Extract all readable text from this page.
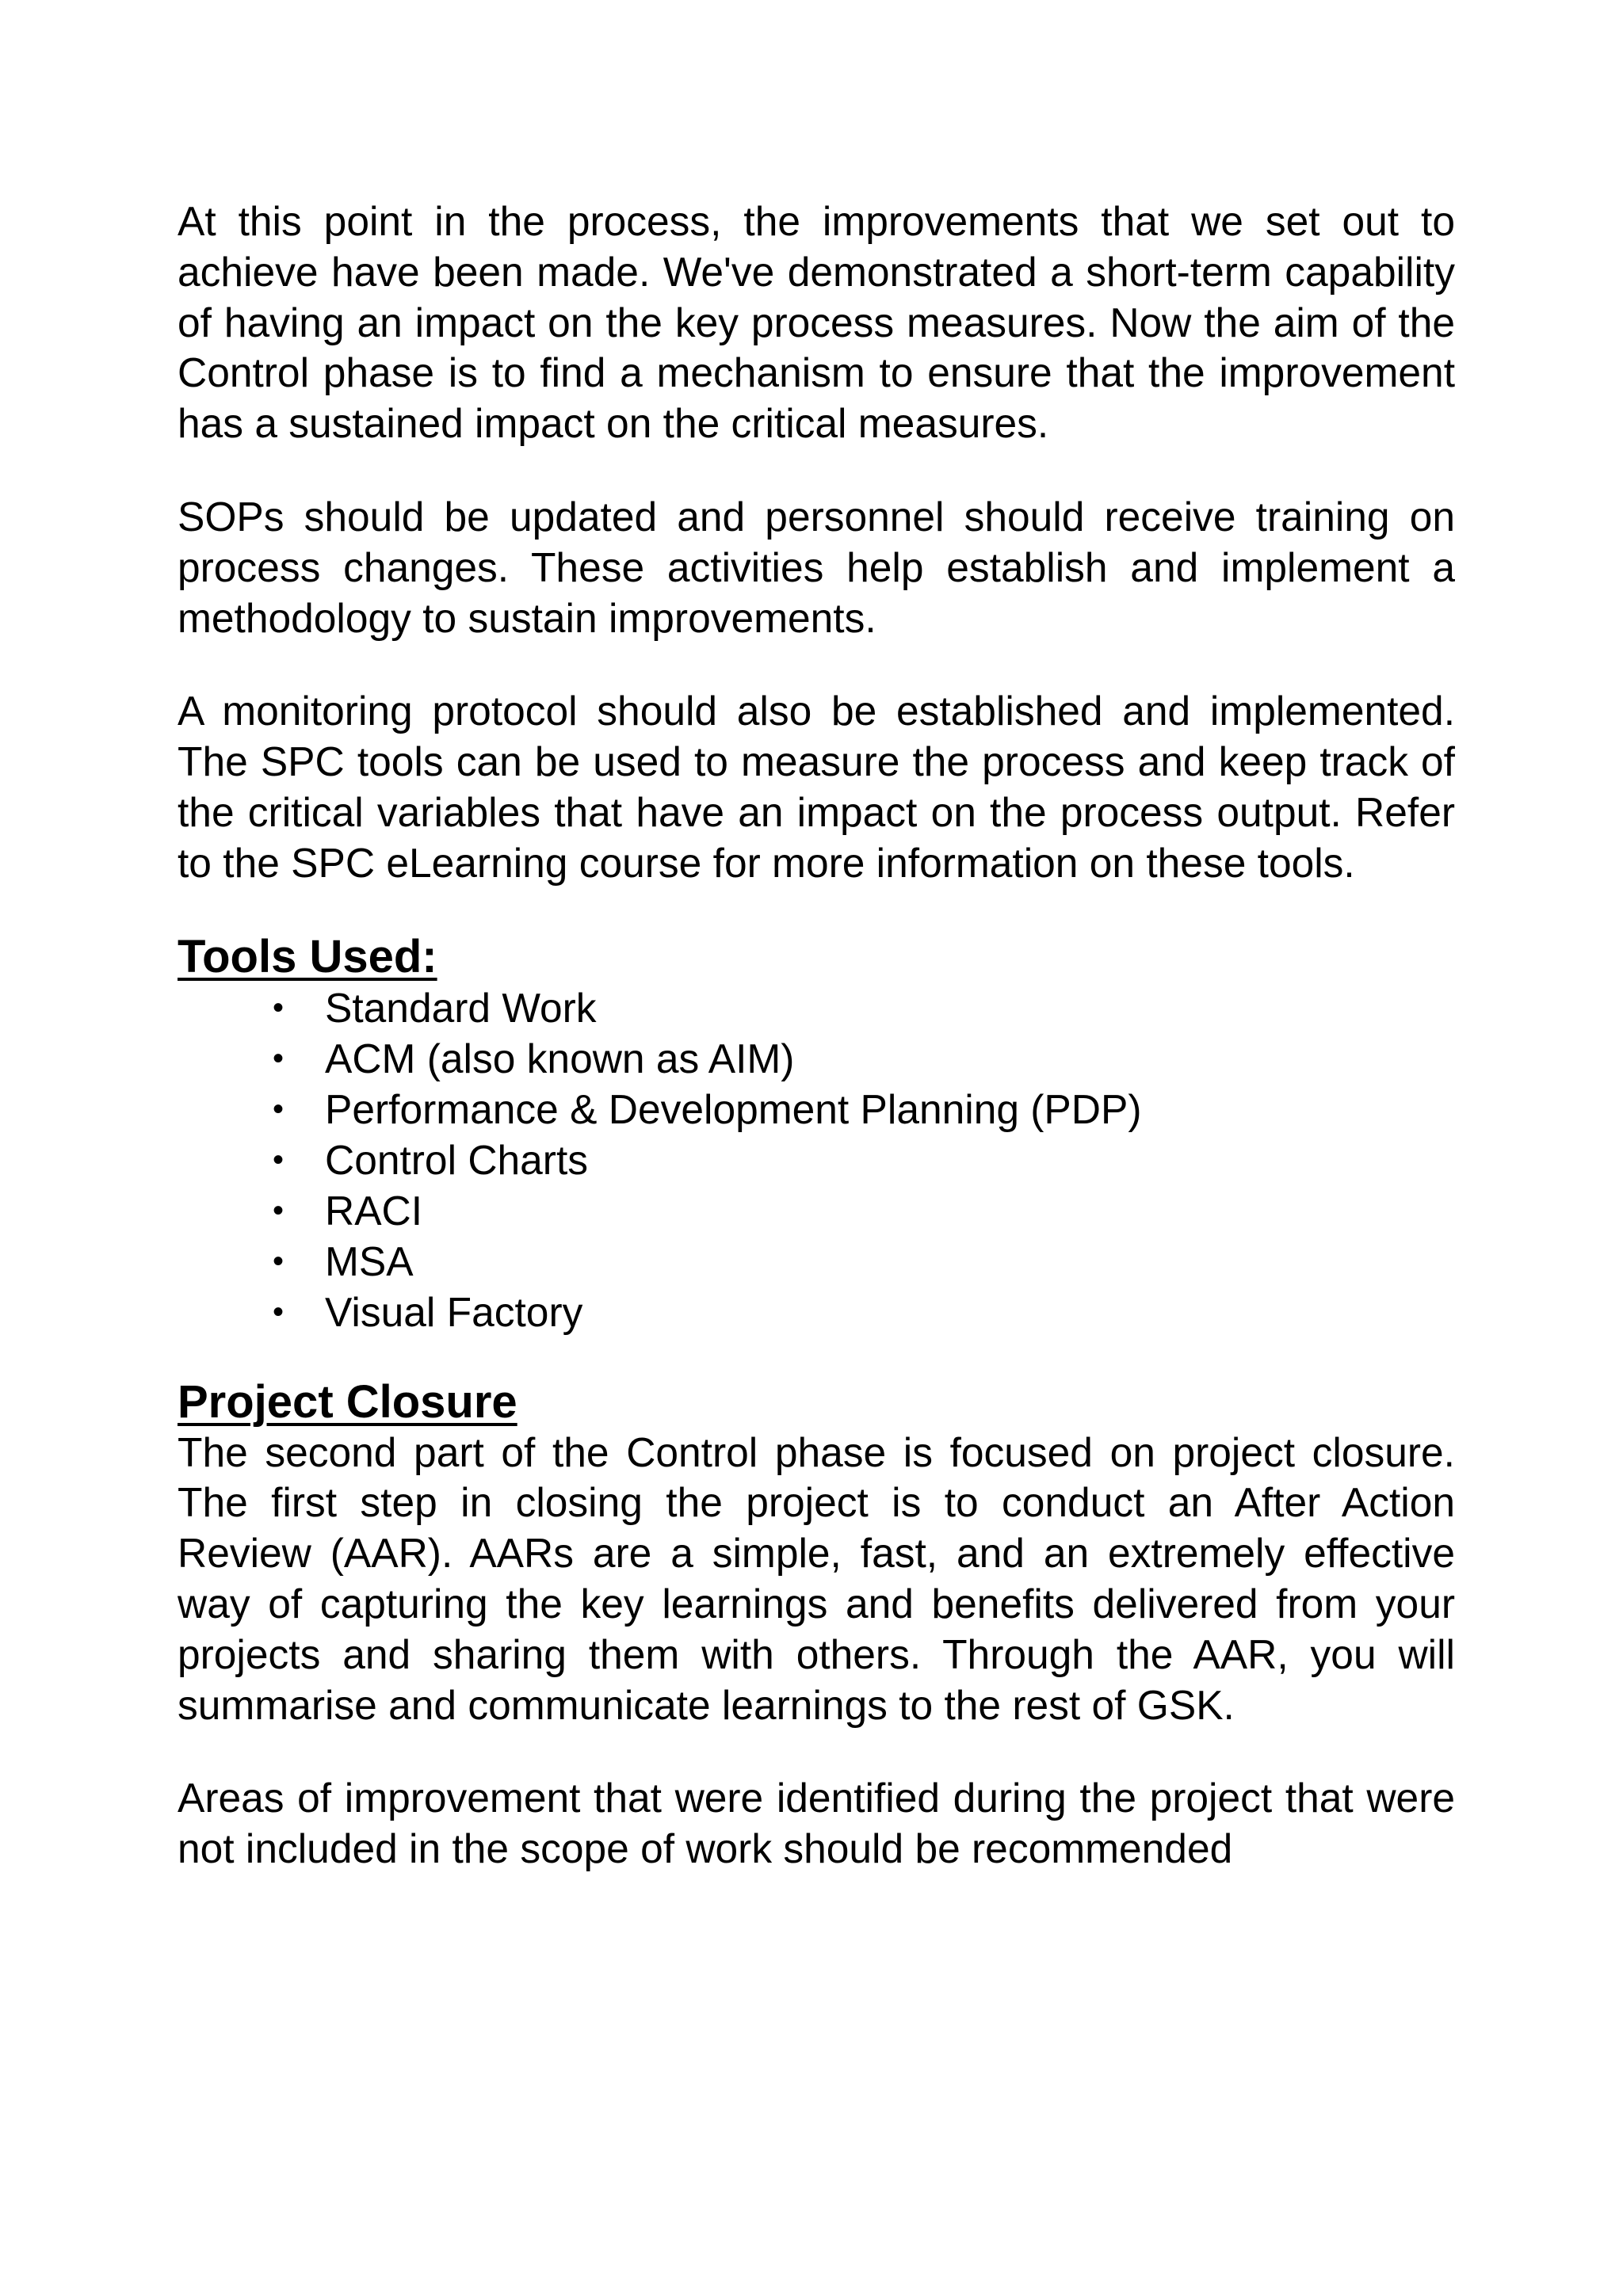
At this point in the process, the improvements that we set out to achieve have been made. We've demonstrated a short-term capability of having an impact on the key process measures. Now the aim of the Control phase is to find a mechanism to ensure that the improvement has a sustained impact on the critical measures.

SOPs should be updated and personnel should receive training on process changes. These activities help establish and implement a methodology to sustain improvements.

A monitoring protocol should also be established and implemented. The SPC tools can be used to measure the process and keep track of the critical variables that have an impact on the process output. Refer to the SPC eLearning course for more information on these tools.

Tools Used:
• Standard Work
• ACM (also known as AIM)
• Performance & Development Planning (PDP)
• Control Charts
• RACI
• MSA
• Visual Factory
Project Closure

The second part of the Control phase is focused on project closure. The first step in closing the project is to conduct an After Action Review (AAR). AARs are a simple, fast, and an extremely effective way of capturing the key learnings and benefits delivered from your projects and sharing them with others. Through the AAR, you will summarise and communicate learnings to the rest of GSK.

Areas of improvement that were identified during the project that were not included in the scope of work should be recommended
